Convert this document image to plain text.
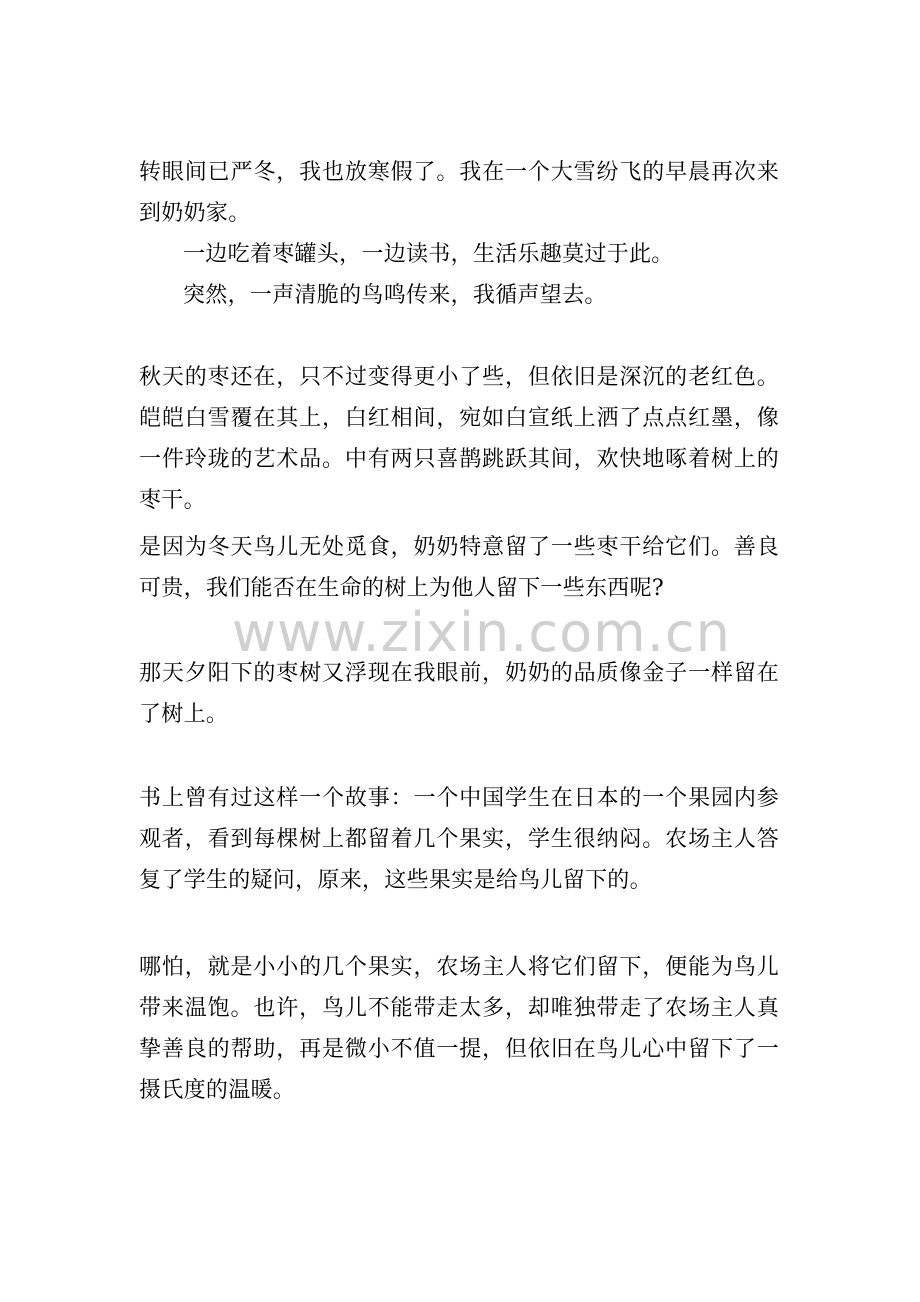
转眼间已严冬，我也放寒假了。我在一个大雪纷飞的早晨再次来到奶奶家。

一边吃着枣罐头，一边读书，生活乐趣莫过于此。

突然，一声清脆的鸟鸣传来，我循声望去。

秋天的枣还在，只不过变得更小了些，但依旧是深沉的老红色。皑皑白雪覆在其上，白红相间，宛如白宣纸上洒了点点红墨，像一件玲珑的艺术品。中有两只喜鹊跳跃其间，欢快地啄着树上的枣干。

是因为冬天鸟儿无处觅食，奶奶特意留了一些枣干给它们。善良可贵，我们能否在生命的树上为他人留下一些东西呢?

www.zixin.com.cn

那天夕阳下的枣树又浮现在我眼前，奶奶的品质像金子一样留在了树上。

书上曾有过这样一个故事：一个中国学生在日本的一个果园内参观者，看到每棵树上都留着几个果实，学生很纳闷。农场主人答复了学生的疑问，原来，这些果实是给鸟儿留下的。

哪怕，就是小小的几个果实，农场主人将它们留下，便能为鸟儿带来温饱。也许，鸟儿不能带走太多，却唯独带走了农场主人真挚善良的帮助，再是微小不值一提，但依旧在鸟儿心中留下了一摄氏度的温暖。
